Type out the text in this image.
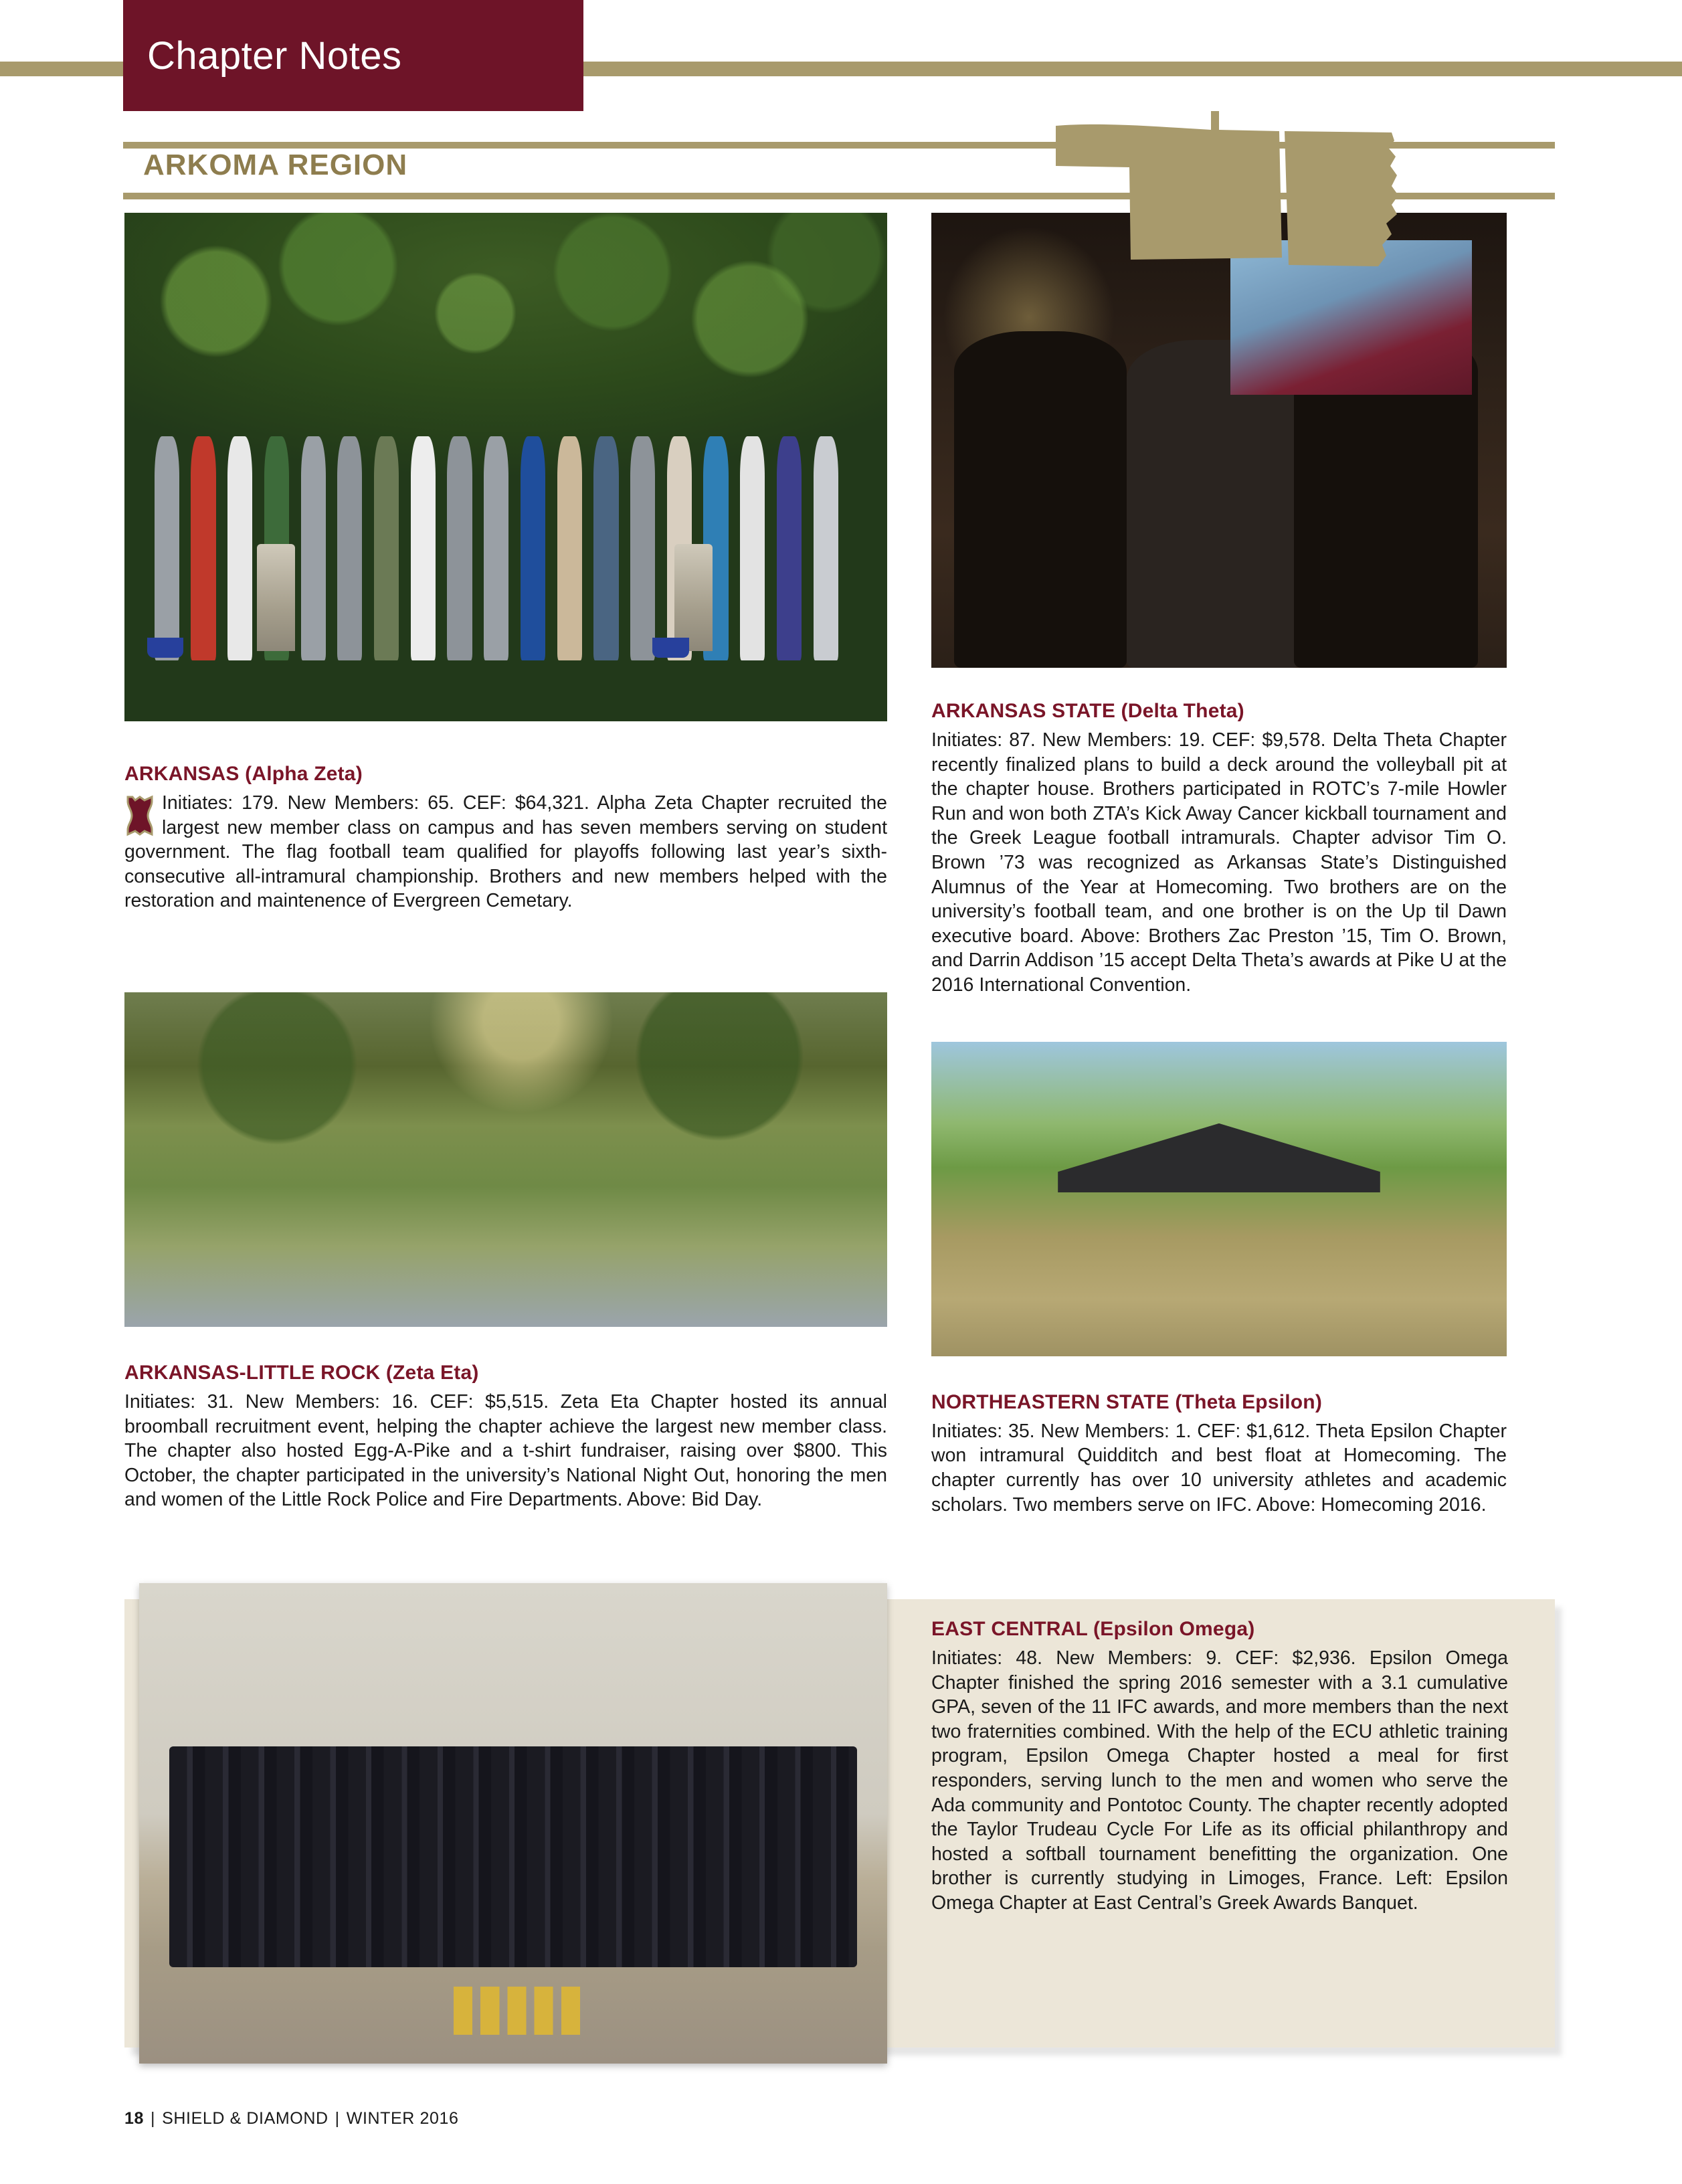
Chapter Notes
ARKOMA REGION
ARKANSAS (Alpha Zeta)
Initiates: 179. New Members: 65. CEF: $64,321. Alpha Zeta Chapter recruited the largest new member class on campus and has seven members serving on student government. The flag football team qualified for playoffs following last year’s sixth-consecutive all-intramural championship. Brothers and new members helped with the restoration and maintenence of Evergreen Cemetary.
ARKANSAS-LITTLE ROCK (Zeta Eta)
Initiates: 31. New Members: 16. CEF: $5,515. Zeta Eta Chapter hosted its annual broomball recruitment event, helping the chapter achieve the largest new member class. The chapter also hosted Egg-A-Pike and a t-shirt fundraiser, raising over $800. This October, the chapter participated in the university’s National Night Out, honoring the men and women of the Little Rock Police and Fire Departments. Above: Bid Day.
ARKANSAS STATE (Delta Theta)
Initiates: 87. New Members: 19. CEF: $9,578. Delta Theta Chapter recently finalized plans to build a deck around the volleyball pit at the chapter house. Brothers participated in ROTC’s 7-mile Howler Run and won both ZTA’s Kick Away Cancer kickball tournament and the Greek League football intramurals. Chapter advisor Tim O. Brown ’73 was recognized as Arkansas State’s Distinguished Alumnus of the Year at Homecoming. Two brothers are on the university’s football team, and one brother is on the Up til Dawn executive board. Above: Brothers Zac Preston ’15, Tim O. Brown, and Darrin Addison ’15 accept Delta Theta’s awards at Pike U at the 2016 International Convention.
NORTHEASTERN STATE (Theta Epsilon)
Initiates: 35. New Members: 1. CEF: $1,612. Theta Epsilon Chapter won intramural Quidditch and best float at Homecoming. The chapter currently has over 10 university athletes and academic scholars. Two members serve on IFC. Above: Homecoming 2016.
EAST CENTRAL (Epsilon Omega)
Initiates: 48. New Members: 9. CEF: $2,936. Epsilon Omega Chapter finished the spring 2016 semester with a 3.1 cumulative GPA, seven of the 11 IFC awards, and more members than the next two fraternities combined. With the help of the ECU athletic training program, Epsilon Omega Chapter hosted a meal for first responders, serving lunch to the men and women who serve the Ada community and Pontotoc County. The chapter recently adopted the Taylor Trudeau Cycle For Life as its official philanthropy and hosted a softball tournament benefitting the organization. One brother is currently studying in Limoges, France. Left: Epsilon Omega Chapter at East Central’s Greek Awards Banquet.
18 | SHIELD & DIAMOND | WINTER 2016
